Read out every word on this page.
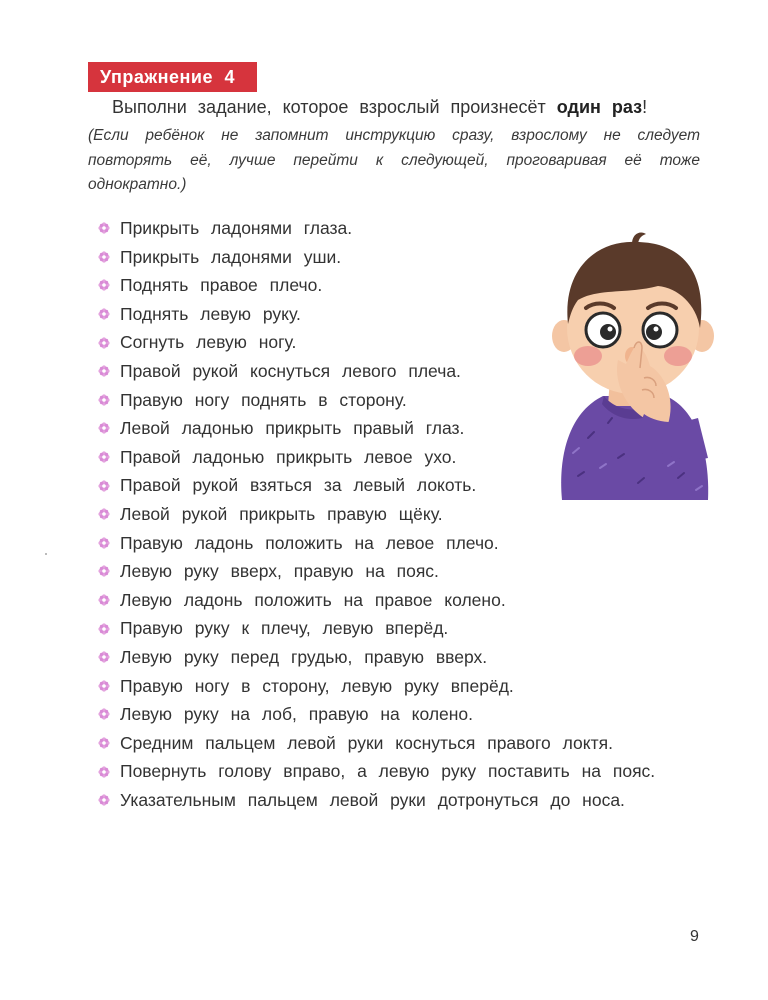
Упражнение 4
Выполни задание, которое взрослый произнесёт один раз!
(Если ребёнок не запомнит инструкцию сразу, взрослому не следует повторять её, лучше перейти к следующей, проговаривая её тоже однократно.)
Прикрыть ладонями глаза.
Прикрыть ладонями уши.
Поднять правое плечо.
Поднять левую руку.
Согнуть левую ногу.
Правой рукой коснуться левого плеча.
Правую ногу поднять в сторону.
Левой ладонью прикрыть правый глаз.
Правой ладонью прикрыть левое ухо.
Правой рукой взяться за левый локоть.
Левой рукой прикрыть правую щёку.
Правую ладонь положить на левое плечо.
Левую руку вверх, правую на пояс.
Левую ладонь положить на правое колено.
Правую руку к плечу, левую вперёд.
Левую руку перед грудью, правую вверх.
Правую ногу в сторону, левую руку вперёд.
Левую руку на лоб, правую на колено.
Средним пальцем левой руки коснуться правого локтя.
Повернуть голову вправо, а левую руку поставить на пояс.
Указательным пальцем левой руки дотронуться до носа.
9
